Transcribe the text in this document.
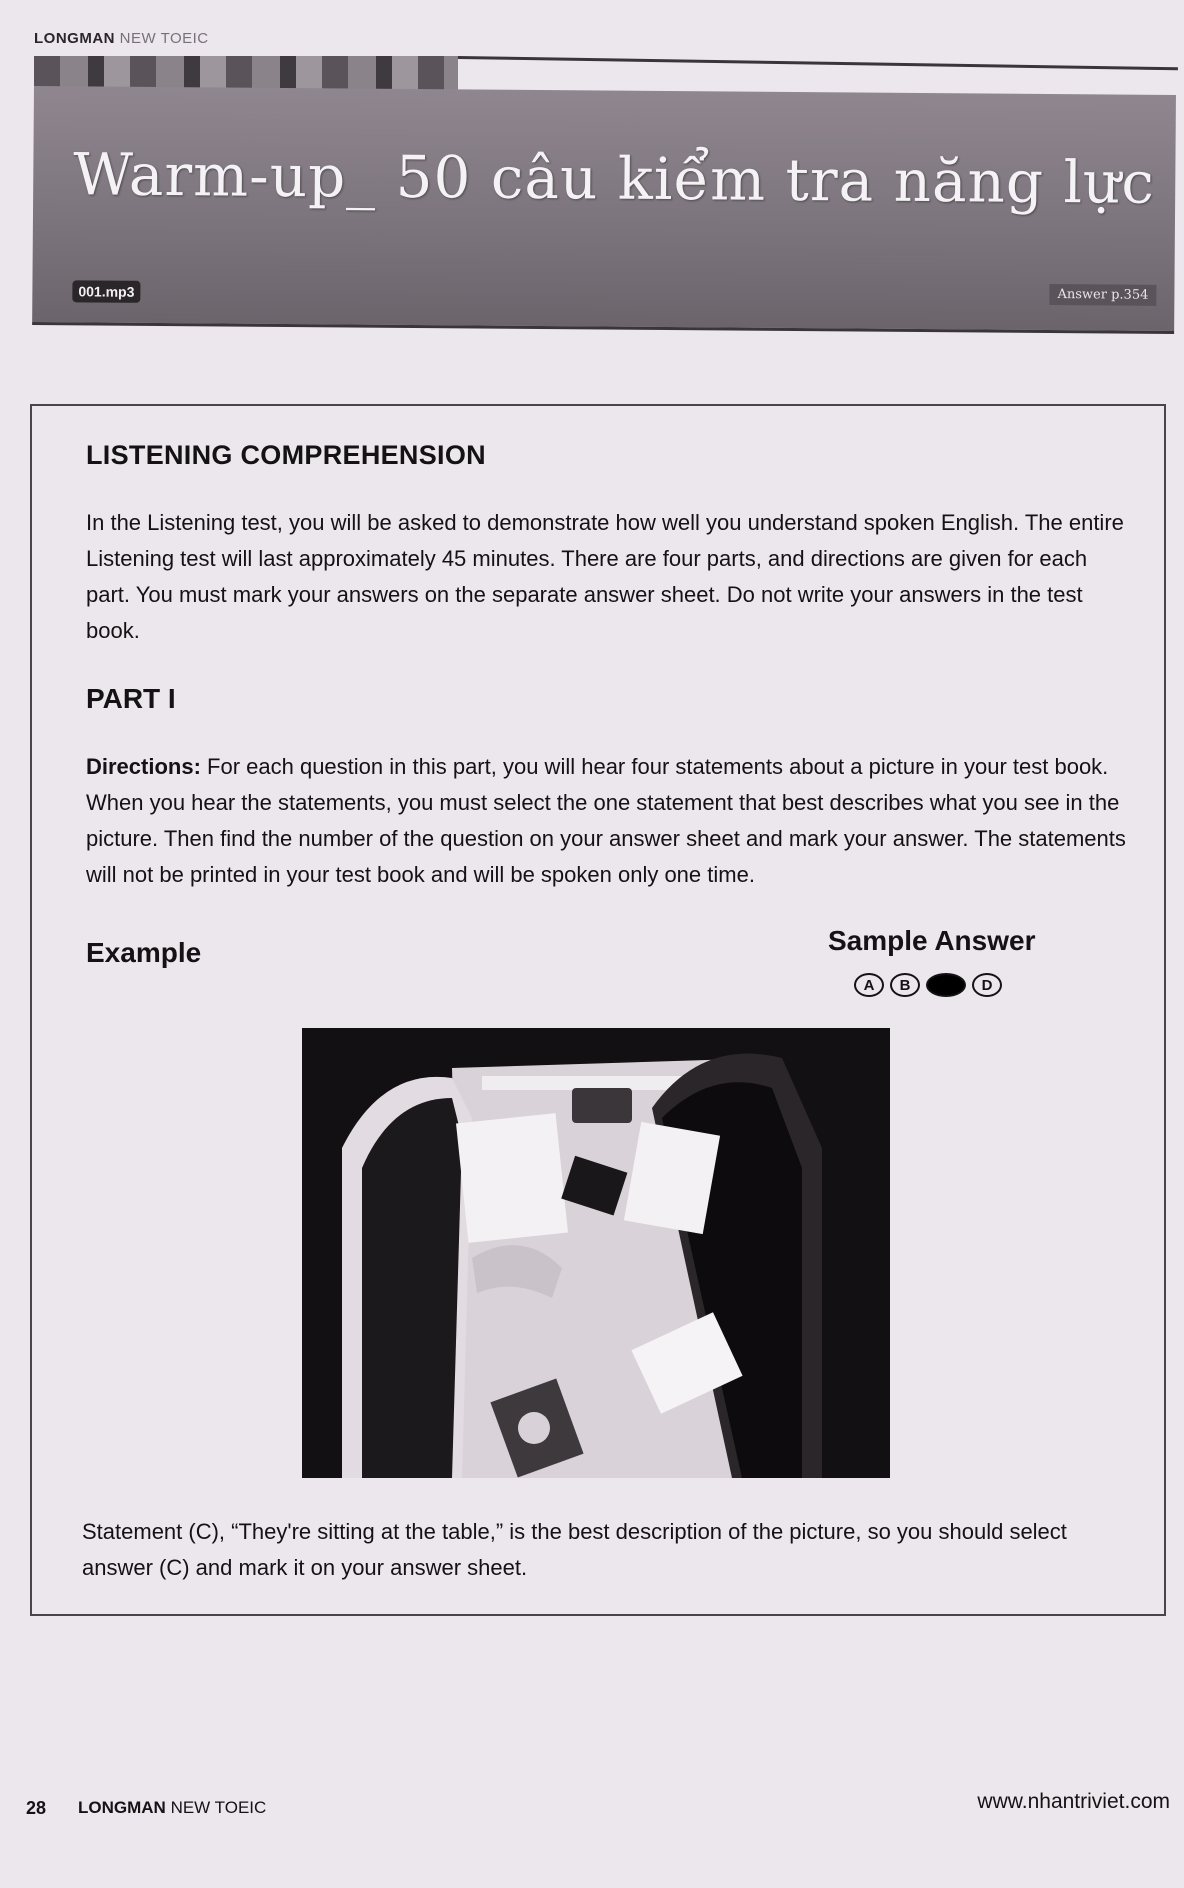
LONGMAN NEW TOEIC
Warm-up_ 50 câu kiểm tra năng lực
001.mp3	Answer p.354
LISTENING COMPREHENSION

In the Listening test, you will be asked to demonstrate how well you understand spoken English. The entire Listening test will last approximately 45 minutes. There are four parts, and directions are given for each part. You must mark your answers on the separate answer sheet. Do not write your answers in the test book.

PART I

Directions: For each question in this part, you will hear four statements about a picture in your test book. When you hear the statements, you must select the one statement that best describes what you see in the picture. Then find the number of the question on your answer sheet and mark your answer. The statements will not be printed in your test book and will be spoken only one time.

Example	Sample Answer
A	B	C	D
Statement (C), “They're sitting at the table,” is the best description of the picture, so you should select answer (C) and mark it on your answer sheet.
28 LONGMAN NEW TOEIC	www.nhantriviet.com
